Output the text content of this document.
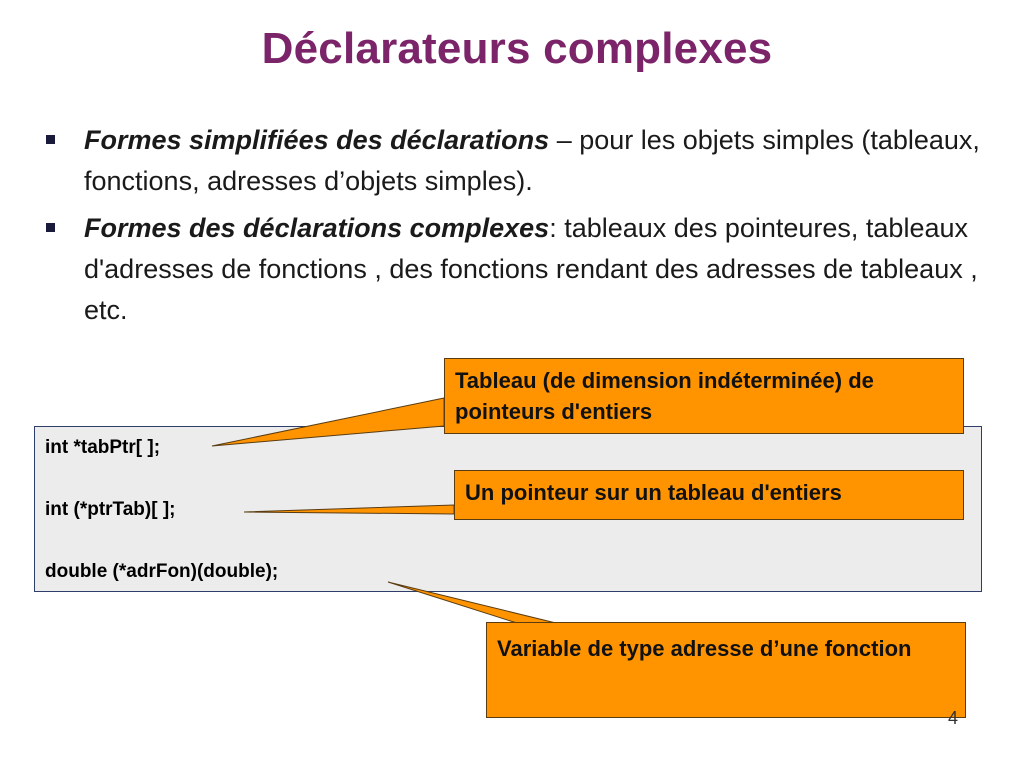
Déclarateurs complexes
Formes simplifiées des déclarations – pour les objets simples (tableaux, fonctions, adresses d’objets simples).
Formes des déclarations complexes: tableaux des pointeures, tableaux d'adresses de fonctions , des fonctions rendant des adresses de tableaux , etc.
int *tabPtr[ ];
int (*ptrTab)[ ];
double (*adrFon)(double);
Tableau (de dimension indéterminée) de pointeurs d'entiers
Un pointeur sur un tableau d'entiers
Variable de type adresse d’une fonction
4
